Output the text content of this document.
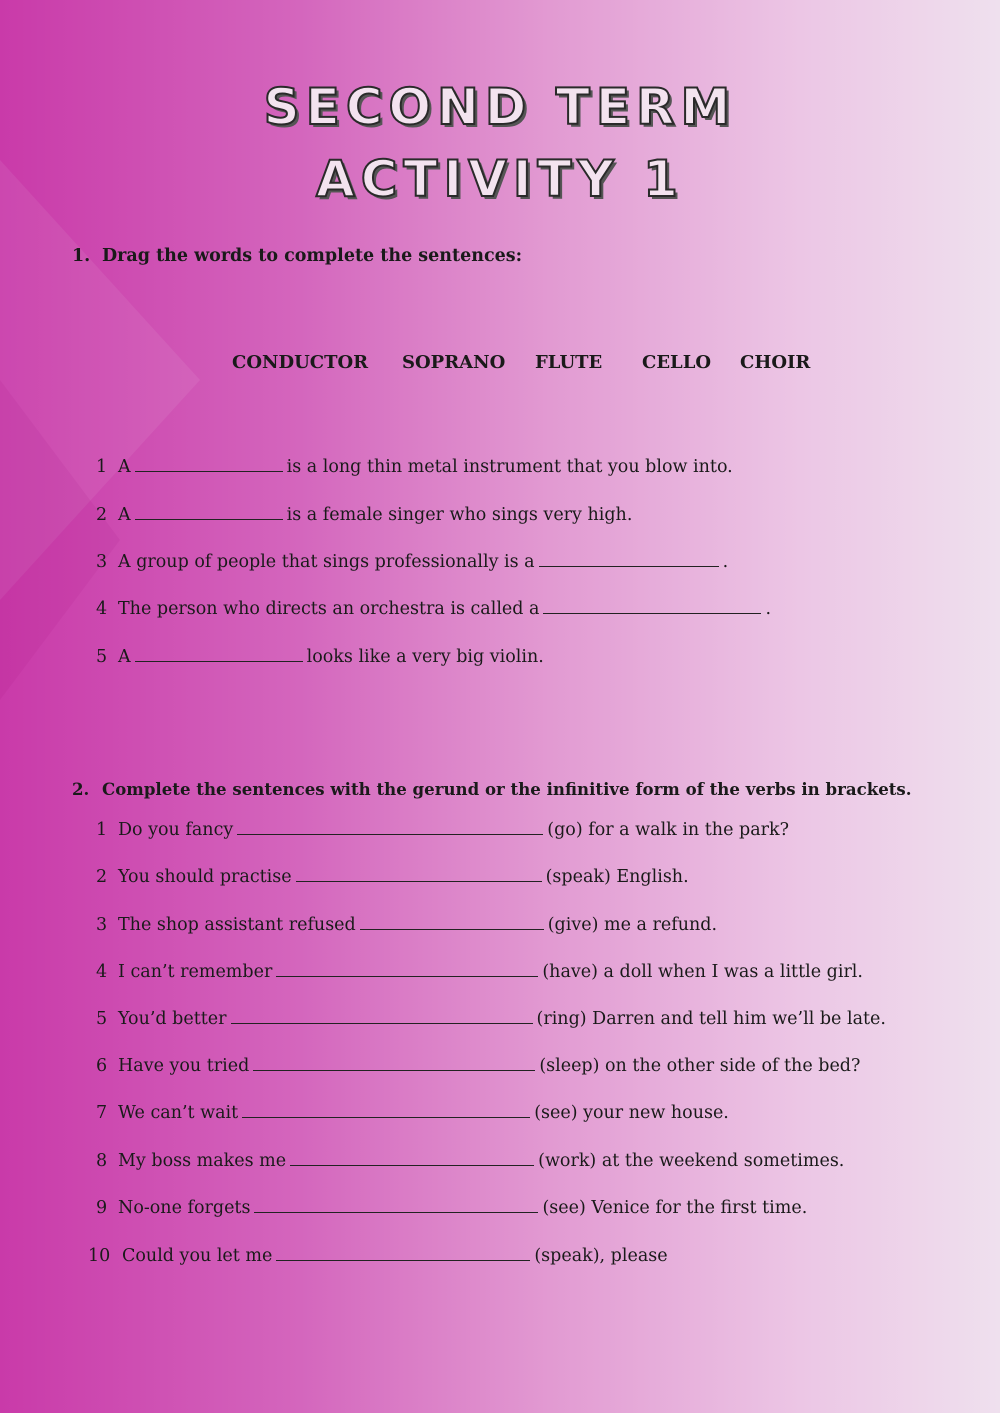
SECOND TERM
ACTIVITY 1
1. Drag the words to complete the sentences:
CONDUCTOR SOPRANO FLUTE CELLO CHOIR
1 A	is a long thin metal instrument that you blow into.
2 A	is a female singer who sings very high.
3 A group of people that sings professionally is a	.
4 The person who directs an orchestra is called a	.
5 A	looks like a very big violin.
2. Complete the sentences with the gerund or the infinitive form of the verbs in brackets.
1 Do you fancy	(go) for a walk in the park?
2 You should practise	(speak) English.
3 The shop assistant refused	(give) me a refund.
4 I can’t remember	(have) a doll when I was a little girl.
5 You’d better	(ring) Darren and tell him we’ll be late.
6 Have you tried	(sleep) on the other side of the bed?
7 We can’t wait	(see) your new house.
8 My boss makes me	(work) at the weekend sometimes.
9 No-one forgets	(see) Venice for the first time.
10 Could you let me	(speak), please
